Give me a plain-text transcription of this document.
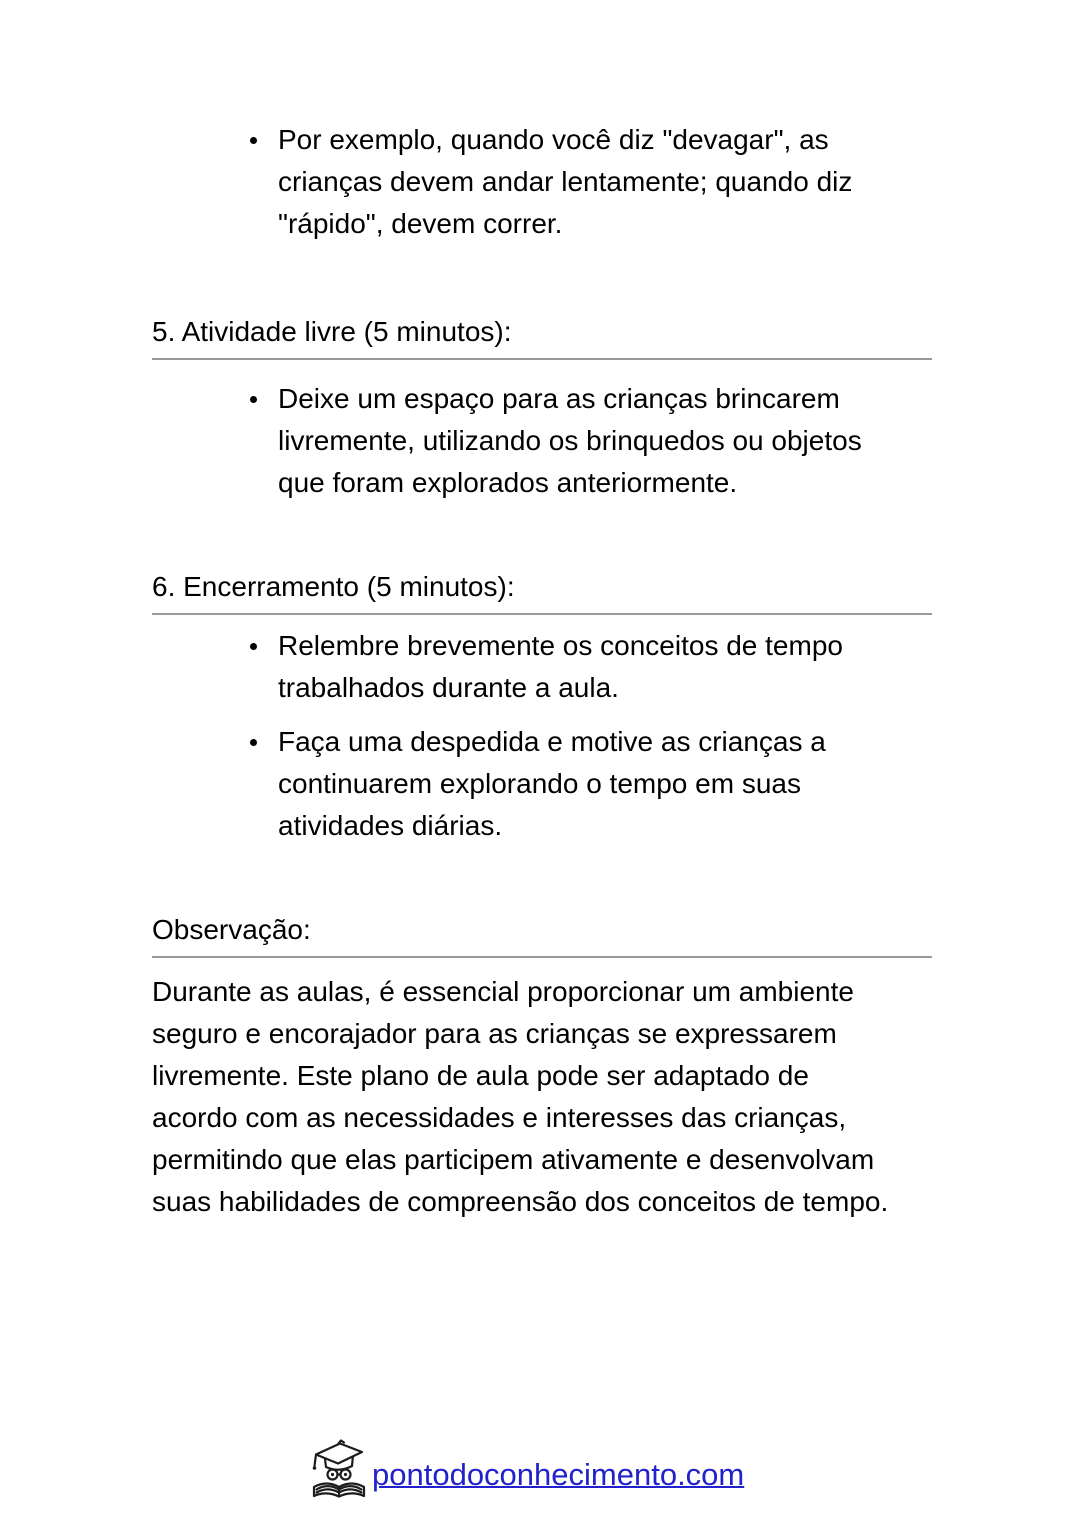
Por exemplo, quando você diz "devagar", as
crianças devem andar lentamente; quando diz
"rápido", devem correr.
5. Atividade livre (5 minutos):
Deixe um espaço para as crianças brincarem
livremente, utilizando os brinquedos ou objetos
que foram explorados anteriormente.
6. Encerramento (5 minutos):
Relembre brevemente os conceitos de tempo
trabalhados durante a aula.
Faça uma despedida e motive as crianças a
continuarem explorando o tempo em suas
atividades diárias.
Observação:
Durante as aulas, é essencial proporcionar um ambiente
seguro e encorajador para as crianças se expressarem
livremente. Este plano de aula pode ser adaptado de
acordo com as necessidades e interesses das crianças,
permitindo que elas participem ativamente e desenvolvam
suas habilidades de compreensão dos conceitos de tempo.
pontodoconhecimento.com
